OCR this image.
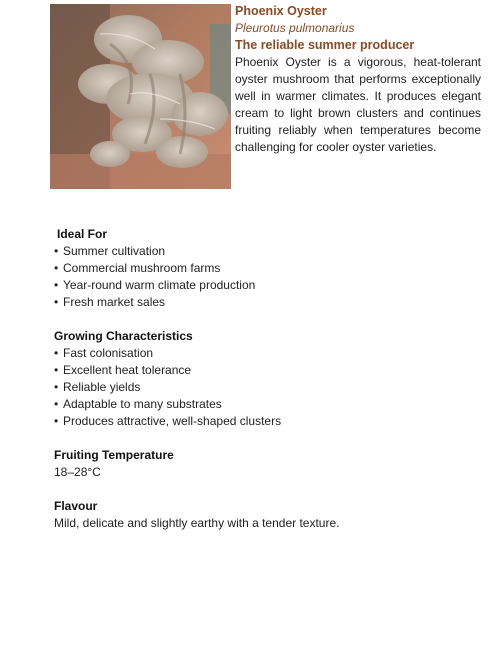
Phoenix Oyster
Pleurotus pulmonarius
The reliable summer producer

Phoenix Oyster is a vigorous, heat-tolerant oyster mushroom that performs exceptionally well in warmer climates. It produces elegant cream to light brown clusters and continues fruiting reliably when temperatures become challenging for cooler oyster varieties.

Ideal For
• Summer cultivation
• Commercial mushroom farms
• Year-round warm climate production
• Fresh market sales
Growing Characteristics
• Fast colonisation
• Excellent heat tolerance
• Reliable yields
• Adaptable to many substrates
• Produces attractive, well-shaped clusters
Fruiting Temperature

18–28°C

Flavour

Mild, delicate and slightly earthy with a tender texture.
